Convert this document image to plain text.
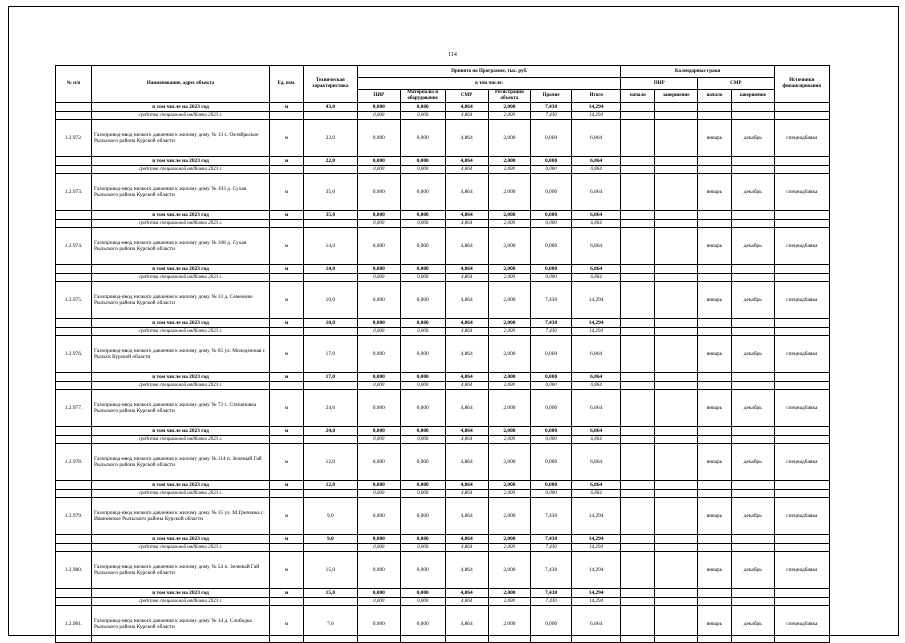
114
№ п/п	Наименование, адрес объекта	Ед. изм.	Техническая характеристика	Принято по Программе, тыс. руб.						Календарные граки				Источники финансирования
				в том числе:						ПИР		СМР		
				ПИР	Материалы и оборудование	СМР	Регистрация объекта	Прочие	Итого	начало	завершение	начало	завершение	
	в том числе на 2023 год	м	43,0	0,000	0,000	4,864	2,000	7,430	14,294					
	средства специальной надбавки 2023 г.			0,000	0,000	4,864	2,000	7,430	14,294					
1.2.972.	Газопровод-ввод низкого давления к жилому дому № 13 с. Октябрьское Рыльского района Курской области	м	22,0	0,000	0,000	4,864	2,000	0,000	6,864			январь	декабрь	спецнадбавка
	в том числе на 2023 год	м	22,0	0,000	0,000	4,864	2,000	0,000	6,864					
	средства специальной надбавки 2023 г.			0,000	0,000	4,864	2,000	0,000	6,864					
1.2.973.	Газопровод-ввод низкого давления к жилому дому № 103 д. Сухая Рыльского района Курской области	м	35,0	0,000	0,000	4,864	2,000	0,000	6,864			январь	декабрь	спецнадбавка
	в том числе на 2023 год	м	35,0	0,000	0,000	4,864	2,000	0,000	6,864					
	средства специальной надбавки 2023 г.			0,000	0,000	4,864	2,000	0,000	6,864					
1.2.974.	Газопровод-ввод низкого давления к жилому дому № 108 д. Сухая Рыльского района Курской области	м	14,0	0,000	0,000	4,864	2,000	0,000	6,864			январь	декабрь	спецнадбавка
	в том числе на 2023 год	м	14,0	0,000	0,000	4,864	2,000	0,000	6,864					
	средства специальной надбавки 2023 г.			0,000	0,000	4,864	2,000	0,000	6,864					
1.2.975.	Газопровод-ввод низкого давления к жилому дому № 13 д. Семеново Рыльского района Курской области	м	10,0	0,000	0,000	4,864	2,000	7,430	14,294			январь	декабрь	спецнадбавка
	в том числе на 2023 год	м	10,0	0,000	0,000	4,864	2,000	7,430	14,294					
	средства специальной надбавки 2023 г.			0,000	0,000	4,864	2,000	7,430	14,294					
1.2.976.	Газопровод-ввод низкого давления к жилому дому № 65 ул. Молодежная г. Рыльск Курской области	м	17,0	0,000	0,000	4,864	2,000	0,000	6,864			январь	декабрь	спецнадбавка
	в том числе на 2023 год	м	17,0	0,000	0,000	4,864	2,000	0,000	6,864					
	средства специальной надбавки 2023 г.			0,000	0,000	4,864	2,000	0,000	6,864					
1.2.977.	Газопровод-ввод низкого давления к жилому дому № 73 с. Степановка Рыльского района Курской области	м	24,0	0,000	0,000	4,864	2,000	0,000	6,864			январь	декабрь	спецнадбавка
	в том числе на 2023 год	м	24,0	0,000	0,000	4,864	2,000	0,000	6,864					
	средства специальной надбавки 2023 г.			0,000	0,000	4,864	2,000	0,000	6,864					
1.2.978.	Газопровод-ввод низкого давления к жилому дому № 114 п. Зеленый Гай Рыльского района Курской области	м	12,0	0,000	0,000	4,864	2,000	0,000	6,864			январь	декабрь	спецнадбавка
	в том числе на 2023 год	м	12,0	0,000	0,000	4,864	2,000	0,000	6,864					
	средства специальной надбавки 2023 г.			0,000	0,000	4,864	2,000	0,000	6,864					
1.2.979.	Газопровод-ввод низкого давления к жилому дому № 15 ул. М.Гриченка с. Ивановское Рыльского района Курской области	м	9,0	0,000	0,000	4,864	2,000	7,430	14,294			январь	декабрь	спецнадбавка
	в том числе на 2023 год	м	9,0	0,000	0,000	4,864	2,000	7,430	14,294					
	средства специальной надбавки 2023 г.			0,000	0,000	4,864	2,000	7,430	14,294					
1.2.980.	Газопровод-ввод низкого давления к жилому дому № 54 п. Зеленый Гай Рыльского района Курской области	м	15,0	0,000	0,000	4,864	2,000	7,430	14,294			январь	декабрь	спецнадбавка
	в том числе на 2023 год	м	15,0	0,000	0,000	4,864	2,000	7,430	14,294					
	средства специальной надбавки 2023 г.			0,000	0,000	4,864	2,000	7,430	14,294					
1.2.981.	Газопровод-ввод низкого давления к жилому дому № 14 д. Слободка Рыльского района Курской области	м	7,0	0,000	0,000	4,864	2,000	0,000	6,864			январь	декабрь	спецнадбавка
